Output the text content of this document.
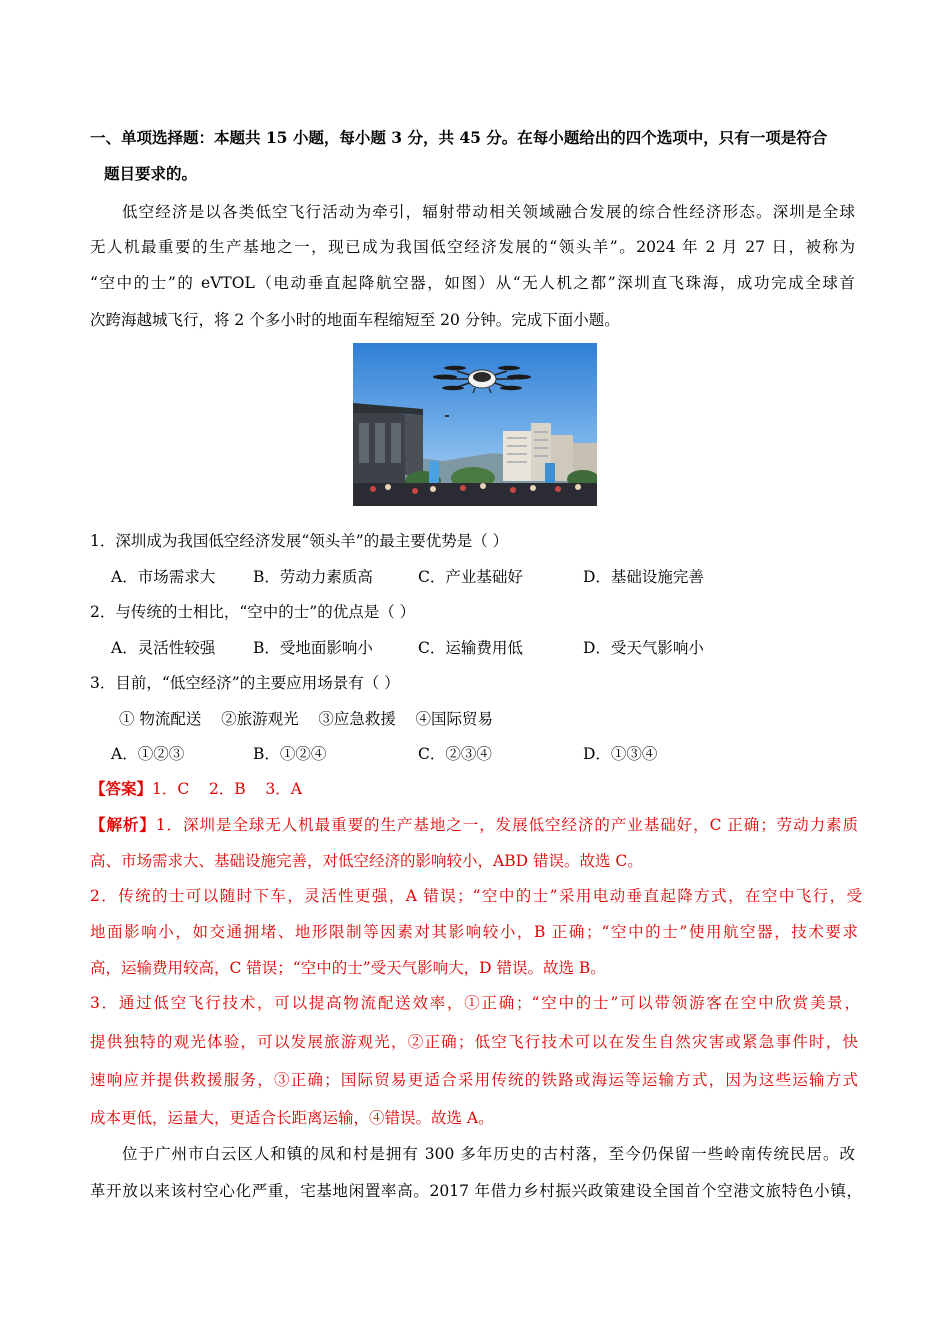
一、单项选择题：本题共 15 小题，每小题 3 分，共 45 分。在每小题给出的四个选项中，只有一项是符合
题目要求的。
低空经济是以各类低空飞行活动为牵引，辐射带动相关领域融合发展的综合性经济形态。深圳是全球
无人机最重要的生产基地之一，现已成为我国低空经济发展的“领头羊”。2024 年 2 月 27 日，被称为
“空中的士”的 eVTOL（电动垂直起降航空器，如图）从“无人机之都”深圳直飞珠海，成功完成全球首
次跨海越城飞行，将 2 个多小时的地面车程缩短至 20 分钟。完成下面小题。
1．深圳成为我国低空经济发展“领头羊”的最主要优势是（ ）
A．市场需求大 B．劳动力素质高	C．产业基础好	D．基础设施完善
2．与传统的士相比，“空中的士”的优点是（ ）
A．灵活性较强 B．受地面影响小	C．运输费用低	D．受天气影响小
3．目前，“低空经济”的主要应用场景有（ ）
① 物流配送    ②旅游观光    ③应急救援    ④国际贸易
A．①②③	B．①②④	C．②③④	D．①③④
【答案】1．C    2．B    3．A
【解析】1．深圳是全球无人机最重要的生产基地之一，发展低空经济的产业基础好，C 正确；劳动力素质
高、市场需求大、基础设施完善，对低空经济的影响较小，ABD 错误。故选 C。
2．传统的士可以随时下车，灵活性更强，A 错误；“空中的士”采用电动垂直起降方式，在空中飞行，受
地面影响小，如交通拥堵、地形限制等因素对其影响较小，B 正确；“空中的士”使用航空器，技术要求
高，运输费用较高，C 错误；“空中的士”受天气影响大，D 错误。故选 B。
3．通过低空飞行技术，可以提高物流配送效率，①正确；“空中的士”可以带领游客在空中欣赏美景，
提供独特的观光体验，可以发展旅游观光，②正确；低空飞行技术可以在发生自然灾害或紧急事件时，快
速响应并提供救援服务，③正确；国际贸易更适合采用传统的铁路或海运等运输方式，因为这些运输方式
成本更低，运量大，更适合长距离运输，④错误。故选 A。
位于广州市白云区人和镇的凤和村是拥有 300 多年历史的古村落，至今仍保留一些岭南传统民居。改
革开放以来该村空心化严重，宅基地闲置率高。2017 年借力乡村振兴政策建设全国首个空港文旅特色小镇，
